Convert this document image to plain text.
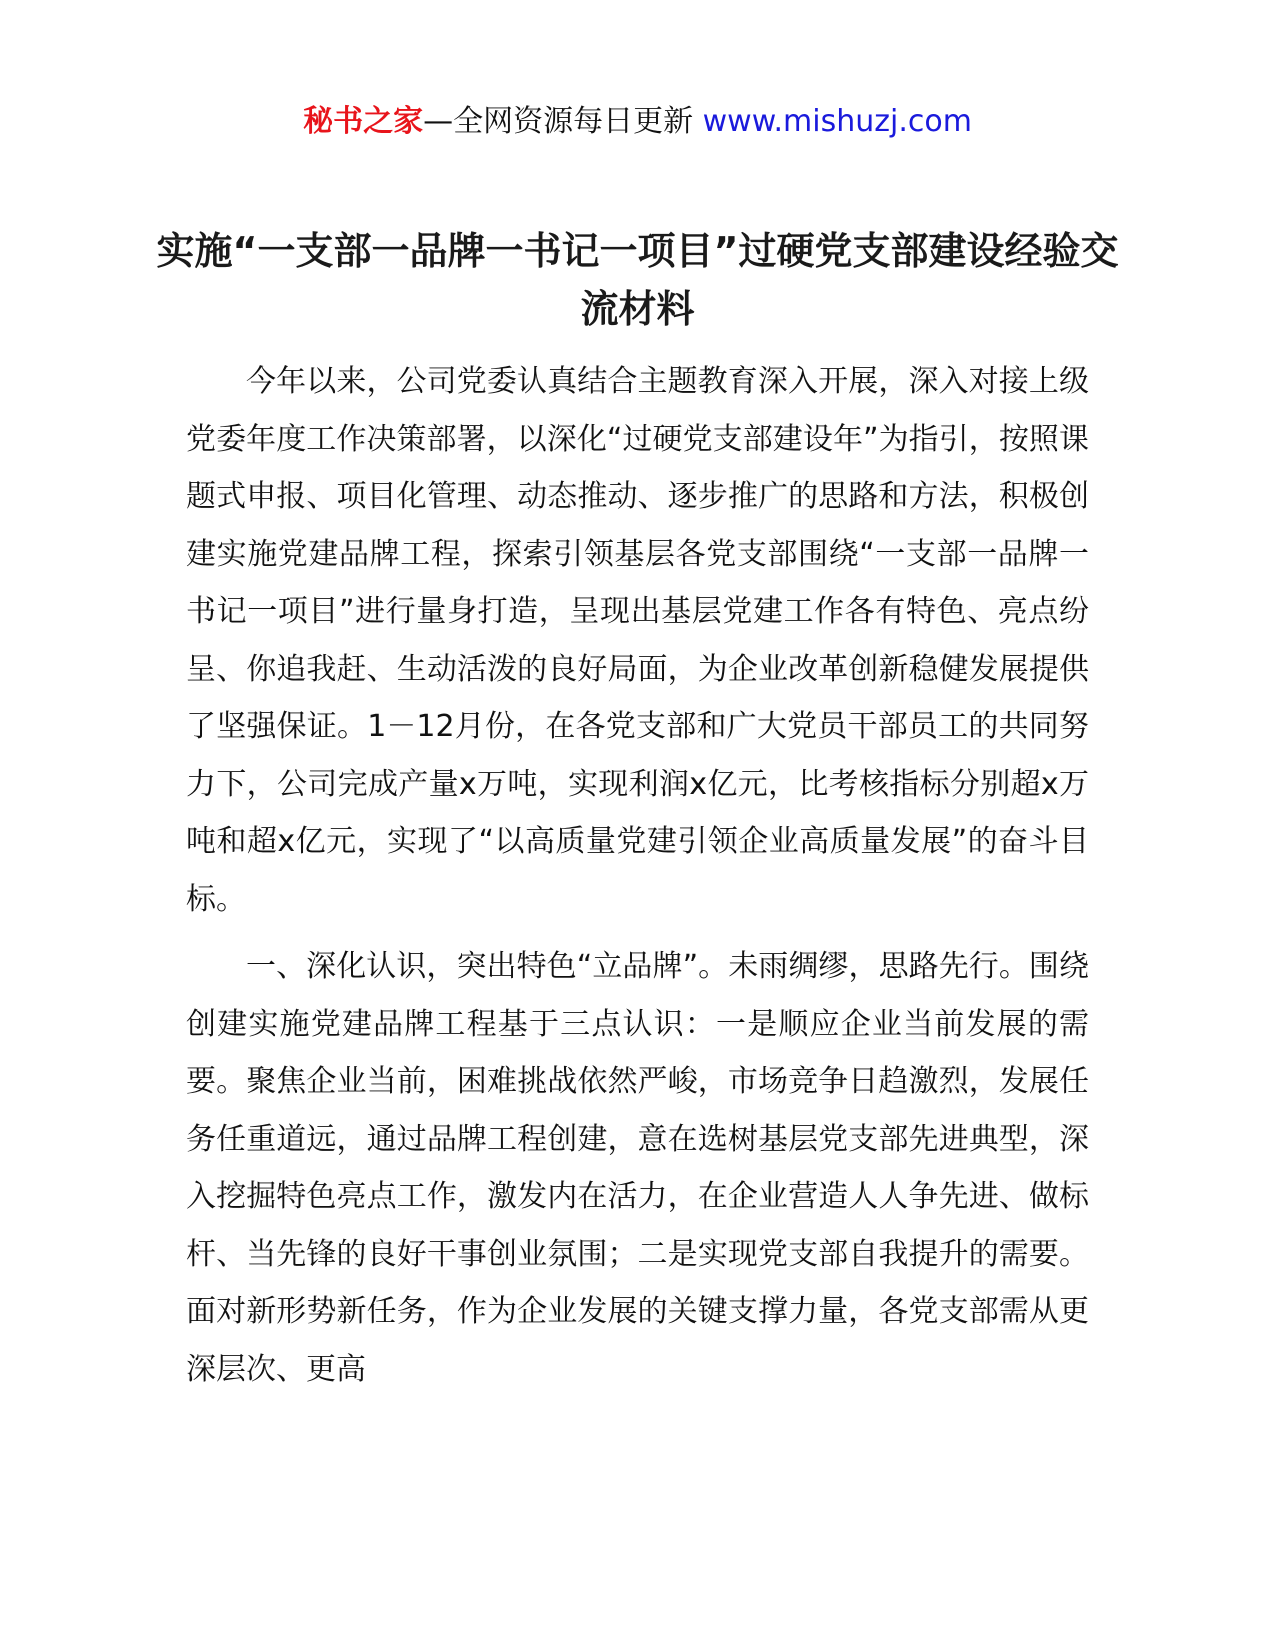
秘书之家—全网资源每日更新 www.mishuzj.com
实施“一支部一品牌一书记一项目”过硬党支部建设经验交流材料

今年以来，公司党委认真结合主题教育深入开展，深入对接上级党委年度工作决策部署，以深化“过硬党支部建设年”为指引，按照课题式申报、项目化管理、动态推动、逐步推广的思路和方法，积极创建实施党建品牌工程，探索引领基层各党支部围绕“一支部一品牌一书记一项目”进行量身打造，呈现出基层党建工作各有特色、亮点纷呈、你追我赶、生动活泼的良好局面，为企业改革创新稳健发展提供了坚强保证。1－12月份，在各党支部和广大党员干部员工的共同努力下，公司完成产量x万吨，实现利润x亿元，比考核指标分别超x万吨和超x亿元，实现了“以高质量党建引领企业高质量发展”的奋斗目标。

一、深化认识，突出特色“立品牌”。未雨绸缪，思路先行。围绕创建实施党建品牌工程基于三点认识：一是顺应企业当前发展的需要。聚焦企业当前，困难挑战依然严峻，市场竞争日趋激烈，发展任务任重道远，通过品牌工程创建，意在选树基层党支部先进典型，深入挖掘特色亮点工作，激发内在活力，在企业营造人人争先进、做标杆、当先锋的良好干事创业氛围；二是实现党支部自我提升的需要。面对新形势新任务，作为企业发展的关键支撑力量，各党支部需从更深层次、更高
